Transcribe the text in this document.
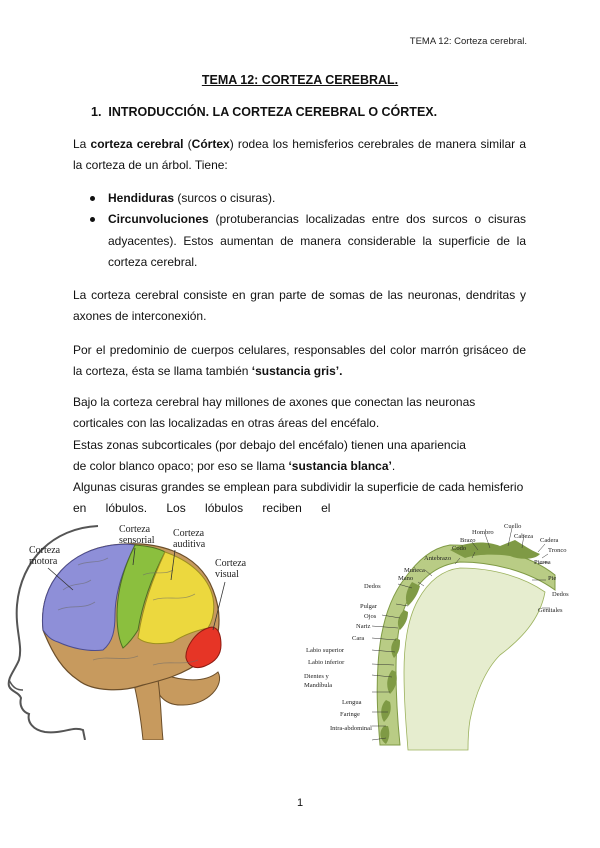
TEMA 12: Corteza cerebral.
TEMA 12: CORTEZA CEREBRAL.
1. INTRODUCCIÓN. LA CORTEZA CEREBRAL O CÓRTEX.
La corteza cerebral (Córtex) rodea los hemisferios cerebrales de manera similar a la corteza de un árbol. Tiene:
Hendiduras (surcos o cisuras).
Circunvoluciones (protuberancias localizadas entre dos surcos o cisuras adyacentes). Estos aumentan de manera considerable la superficie de la corteza cerebral.
La corteza cerebral consiste en gran parte de somas de las neuronas, dendritas y axones de interconexión.
Por el predominio de cuerpos celulares, responsables del color marrón grisáceo de la corteza, ésta se llama también ‘sustancia gris’.
Bajo la corteza cerebral hay millones de axones que conectan las neuronas
corticales con las localizadas en otras áreas del encéfalo.
Estas zonas subcorticales (por debajo del encéfalo) tienen una apariencia
de color blanco opaco; por eso se llama ‘sustancia blanca’.
Algunas cisuras grandes se emplean para subdividir la superficie de cada hemisferio
en lóbulos. Los lóbulos reciben el
Corteza
motora
Corteza
sensorial
Corteza
auditiva
Corteza
visual
Hombro
Cuello
Brazo
Cabeza
Codo
Cadera
Antebrazo
Tronco
Muñeca
Pierna
Mano	Pie
Dedos
Dedos
Genitales
Pulgar
Ojos
Nariz
Cara
Labio superior
Labio inferior
Dientes y Mandíbula
Lengua
Faringe
Intra-abdominal
1
